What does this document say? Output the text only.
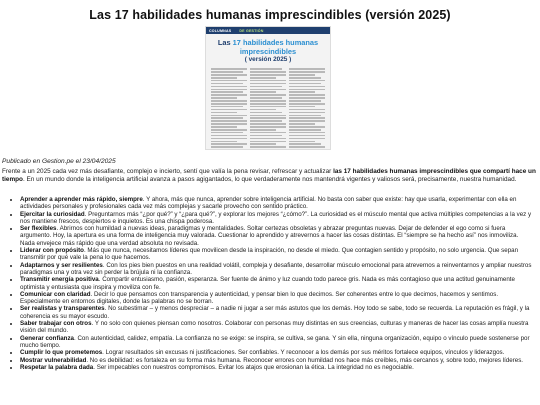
Las 17 habilidades humanas imprescindibles (versión 2025)
COLUMNAS DE GESTIÓN
Las 17 habilidades humanas imprescindibles
( versión 2025 )
Publicado en Gestion.pe el 23/04/2025

Frente a un 2025 cada vez más desafiante, complejo e incierto, sentí que valía la pena revisar, refrescar y actualizar las 17 habilidades humanas imprescindibles que compartí hace un tiempo. En un mundo donde la inteligencia artificial avanza a pasos agigantados, lo que verdaderamente nos mantendrá vigentes y valiosos será, precisamente, nuestra humanidad.

• Aprender a aprender más rápido, siempre. Y ahora, más que nunca, aprender sobre inteligencia artificial. No basta con saber que existe: hay que usarla, experimentar con ella en actividades personales y profesionales cada vez más complejas y sacarle provecho con sentido práctico.
• Ejercitar la curiosidad. Preguntarnos más “¿por qué?” y “¿para qué?”, y explorar los mejores “¿cómo?”. La curiosidad es el músculo mental que activa múltiples competencias a la vez y nos mantiene frescos, despiertos e inquietos. Es una chispa poderosa.
• Ser flexibles. Abrirnos con humildad a nuevas ideas, paradigmas y mentalidades. Soltar certezas obsoletas y abrazar preguntas nuevas. Dejar de defender el ego como si fuera argumento. Hoy, la apertura es una forma de inteligencia muy valorada. Cuestionar lo aprendido y atrevernos a hacer las cosas distintas. El “siempre se ha hecho así” nos inmoviliza. Nada envejece más rápido que una verdad absoluta no revisada.
• Liderar con propósito. Más que nunca, necesitamos líderes que movilicen desde la inspiración, no desde el miedo. Que contagien sentido y propósito, no solo urgencia. Que sepan transmitir por qué vale la pena lo que hacemos.
• Adaptarnos y ser resilientes. Con los pies bien puestos en una realidad volátil, compleja y desafiante, desarrollar músculo emocional para atrevernos a reinventarnos y ampliar nuestros paradigmas una y otra vez sin perder la brújula ni la confianza.
• Transmitir energía positiva. Compartir entusiasmo, pasión, esperanza. Ser fuente de ánimo y luz cuando todo parece gris. Nada es más contagioso que una actitud genuinamente optimista y entusiasta que inspira y moviliza con fe.
• Comunicar con claridad. Decir lo que pensamos con transparencia y autenticidad, y pensar bien lo que decimos. Ser coherentes entre lo que decimos, hacemos y sentimos. Especialmente en entornos digitales, donde las palabras no se borran.
• Ser realistas y transparentes. No subestimar – y menos despreciar – a nadie ni jugar a ser más astutos que los demás. Hoy todo se sabe, todo se recuerda. La reputación es frágil, y la coherencia es su mayor escudo.
• Saber trabajar con otros. Y no solo con quienes piensan como nosotros. Colaborar con personas muy distintas en sus creencias, culturas y maneras de hacer las cosas amplía nuestra visión del mundo.
• Generar confianza. Con autenticidad, calidez, empatía. La confianza no se exige: se inspira, se cultiva, se gana. Y sin ella, ninguna organización, equipo o vínculo puede sostenerse por mucho tiempo.
• Cumplir lo que prometemos. Lograr resultados sin excusas ni justificaciones. Ser confiables. Y reconocer a los demás por sus méritos fortalece equipos, vínculos y liderazgos.
• Mostrar vulnerabilidad. No es debilidad: es fortaleza en su forma más humana. Reconocer errores con humildad nos hace más creíbles, más cercanos y, sobre todo, mejores líderes.
• Respetar la palabra dada. Ser impecables con nuestros compromisos. Evitar los atajos que erosionan la ética. La integridad no es negociable.
